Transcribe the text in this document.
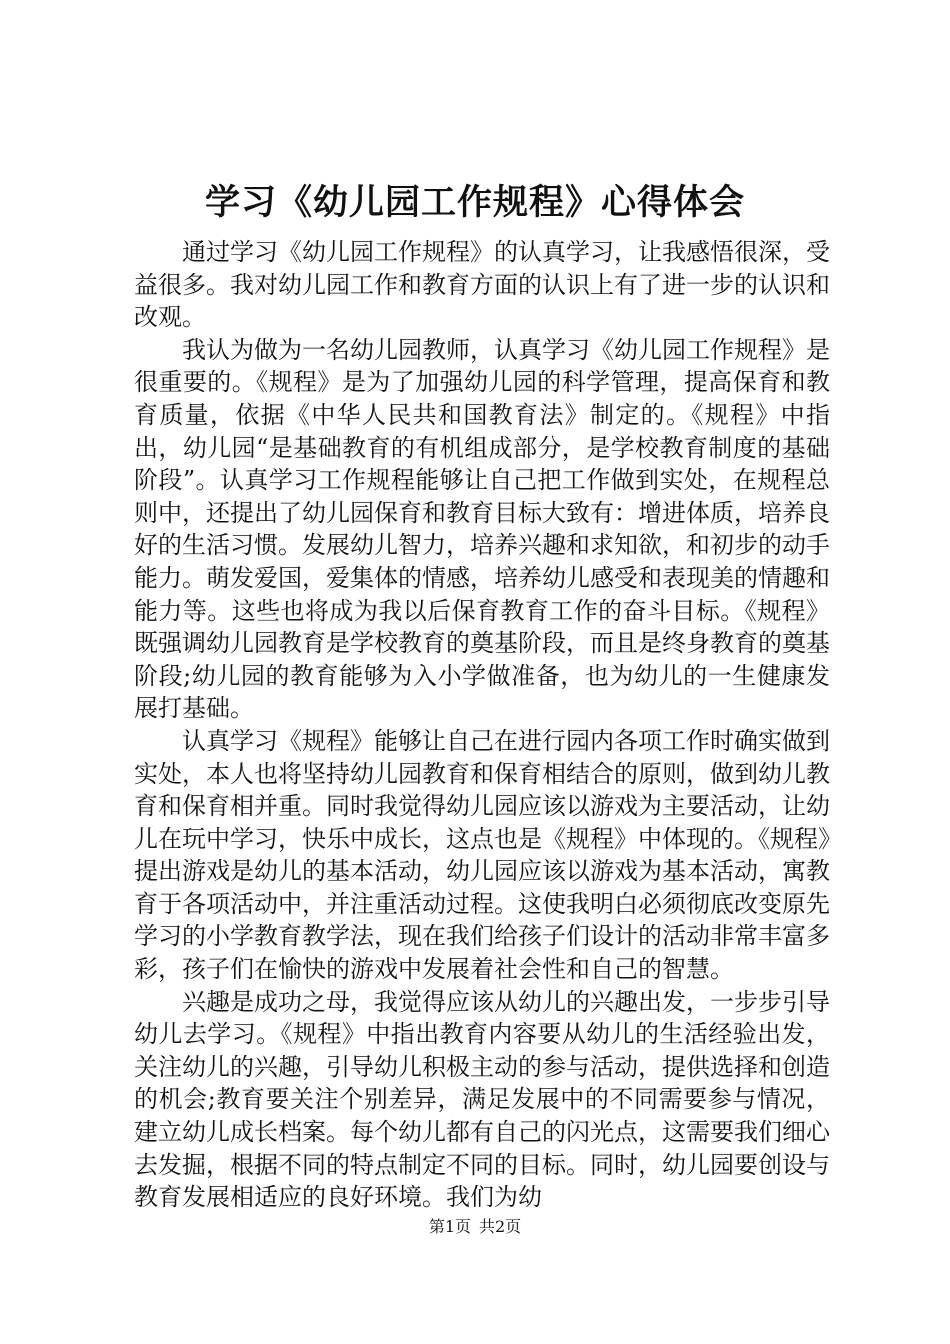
学习《幼儿园工作规程》心得体会

通过学习《幼儿园工作规程》的认真学习，让我感悟很深，受益很多。我对幼儿园工作和教育方面的认识上有了进一步的认识和改观。

我认为做为一名幼儿园教师，认真学习《幼儿园工作规程》是很重要的。《规程》是为了加强幼儿园的科学管理，提高保育和教育质量，依据《中华人民共和国教育法》制定的。《规程》中指出，幼儿园“是基础教育的有机组成部分，是学校教育制度的基础阶段”。认真学习工作规程能够让自己把工作做到实处，在规程总则中，还提出了幼儿园保育和教育目标大致有：增进体质，培养良好的生活习惯。发展幼儿智力，培养兴趣和求知欲，和初步的动手能力。萌发爱国，爱集体的情感，培养幼儿感受和表现美的情趣和能力等。这些也将成为我以后保育教育工作的奋斗目标。《规程》既强调幼儿园教育是学校教育的奠基阶段，而且是终身教育的奠基阶段;幼儿园的教育能够为入小学做准备，也为幼儿的一生健康发展打基础。

认真学习《规程》能够让自己在进行园内各项工作时确实做到实处，本人也将坚持幼儿园教育和保育相结合的原则，做到幼儿教育和保育相并重。同时我觉得幼儿园应该以游戏为主要活动，让幼儿在玩中学习，快乐中成长，这点也是《规程》中体现的。《规程》提出游戏是幼儿的基本活动，幼儿园应该以游戏为基本活动，寓教育于各项活动中，并注重活动过程。这使我明白必须彻底改变原先学习的小学教育教学法，现在我们给孩子们设计的活动非常丰富多彩，孩子们在愉快的游戏中发展着社会性和自己的智慧。

兴趣是成功之母，我觉得应该从幼儿的兴趣出发，一步步引导幼儿去学习。《规程》中指出教育内容要从幼儿的生活经验出发，关注幼儿的兴趣，引导幼儿积极主动的参与活动，提供选择和创造的机会;教育要关注个别差异，满足发展中的不同需要参与情况，建立幼儿成长档案。每个幼儿都有自己的闪光点，这需要我们细心去发掘，根据不同的特点制定不同的目标。同时，幼儿园要创设与教育发展相适应的良好环境。我们为幼

第1页 共2页
